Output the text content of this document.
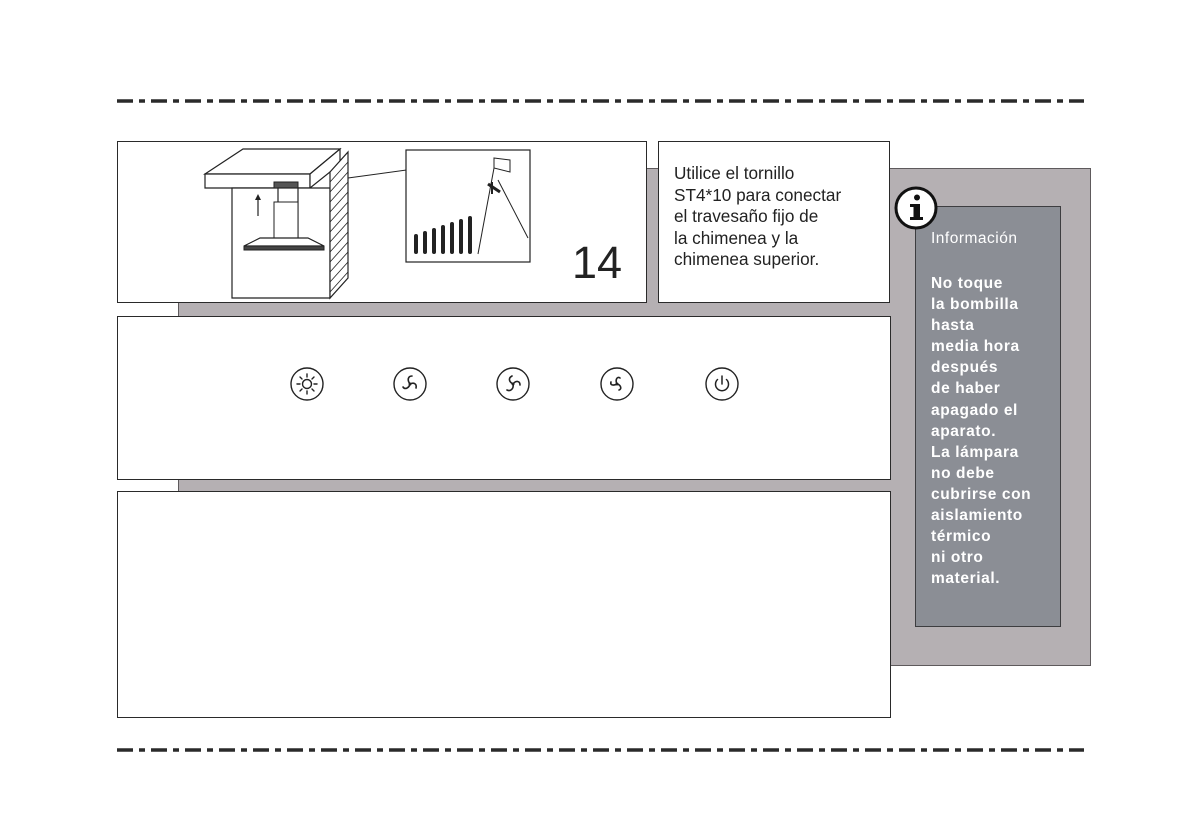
14
Utilice el tornillo
ST4*10 para conectar
el travesaño fijo de
la chimenea y la
chimenea superior.
Información
No toque
la bombilla
hasta
media hora
después
de haber
apagado el
aparato.
La lámpara
no debe
cubrirse con
aislamiento
térmico
ni otro
material.
